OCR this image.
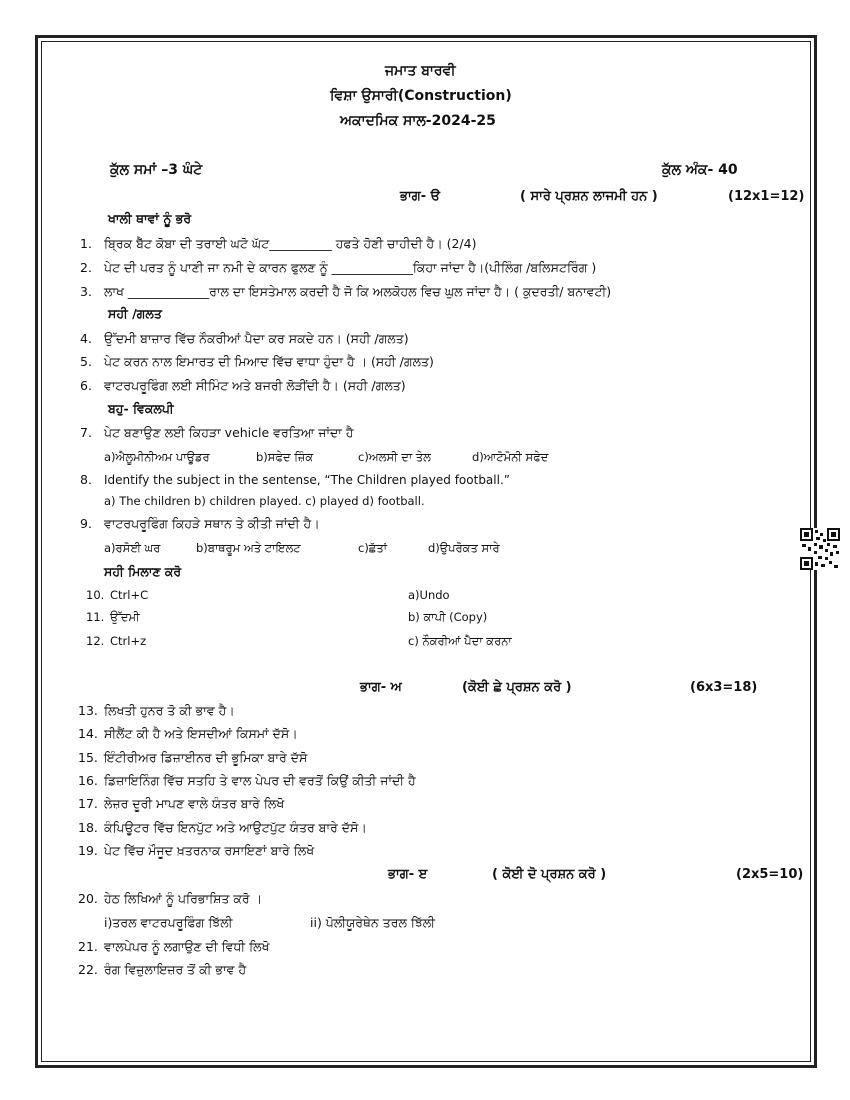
ਜਮਾਤ ਬਾਰਵੀ
ਵਿਸ਼ਾ ਉਸਾਰੀ(Construction)
ਅਕਾਦਮਿਕ ਸਾਲ-2024-25
ਕੁੱਲ ਸਮਾਂ –3 ਘੰਟੇ	ਕੁੱਲ ਅੰਕ- 40
ਭਾਗ- ੳ	( ਸਾਰੇ ਪ੍ਰਸ਼ਨ ਲਾਜਮੀ ਹਨ )	(12x1=12)
ਖਾਲੀ ਥਾਵਾਂ ਨੂੰ ਭਰੋ
1. ਬ੍ਰਿਕ ਬੈੱਟ ਕੋਬਾ ਦੀ ਤਰਾਈ ਘਟੋ ਘੱਟ__________ ਹਫਤੇ ਹੋਣੀ ਚਾਹੀਦੀ ਹੈ। (2/4)
2. ਪੇਟ ਦੀ ਪਰਤ ਨੂੰ ਪਾਣੀ ਜਾ ਨਮੀ ਦੇ ਕਾਰਨ ਫੁਲਣ ਨੂੰ _____________ਕਿਹਾ ਜਾਂਦਾ ਹੈ।(ਪੀਲਿੰਗ /ਬਲਿਸਟਰਿੰਗ )
3. ਲਾਖ _____________ਰਾਲ ਦਾ ਇਸਤੇਮਾਲ ਕਰਦੀ ਹੈ ਜੋ ਕਿ ਅਲਕੋਹਲ ਵਿਚ ਘੁਲ ਜਾਂਦਾ ਹੈ। ( ਕੁਦਰਤੀ/ ਬਨਾਵਟੀ)
ਸਹੀ /ਗਲਤ
4. ਉੱਦਮੀ ਬਾਜ਼ਾਰ ਵਿੱਚ ਨੌਕਰੀਆਂ ਪੈਦਾ ਕਰ ਸਕਦੇ ਹਨ। (ਸਹੀ /ਗਲਤ)
5. ਪੇਟ ਕਰਨ ਨਾਲ ਇਮਾਰਤ ਦੀ ਮਿਆਦ ਵਿੱਚ ਵਾਧਾ ਹੁੰਦਾ ਹੈ । (ਸਹੀ /ਗਲਤ)
6. ਵਾਟਰਪਰੂਫਿੰਗ ਲਈ ਸੀਮਿੰਟ ਅਤੇ ਬਜਰੀ ਲੋੜੀਂਦੀ ਹੈ। (ਸਹੀ /ਗਲਤ)
ਬਹੁ- ਵਿਕਲਪੀ
7. ਪੇਟ ਬਣਾਉਣ ਲਈ ਕਿਹੜਾ vehicle ਵਰਤਿਆ ਜਾਂਦਾ ਹੈ
a)ਐਲੂਮੀਨੀਅਮ ਪਾਊਡਰ	b)ਸਫੇਦ ਜ਼ਿੰਕ	c)ਅਲਸੀ ਦਾ ਤੇਲ	d)ਆਟੋਮੋਨੀ ਸਫੇਦ
8. Identify the subject in the sentense, “The Children played football.”
a) The children b) children played. c) played d) football.
9. ਵਾਟਰਪਰੂਫਿੰਗ ਕਿਹੜੇ ਸਥਾਨ ਤੇ ਕੀਤੀ ਜਾਂਦੀ ਹੈ।
a)ਰਸੋਈ ਘਰ	b)ਬਾਥਰੂਮ ਅਤੇ ਟਾਇਲਟ	c)ਛੱਤਾਂ	d)ਉਪਰੋਕਤ ਸਾਰੇ
ਸਹੀ ਮਿਲਾਣ ਕਰੋ
10. Ctrl+C	a)Undo
11. ਉੱਦਮੀ	b) ਕਾਪੀ (Copy)
12. Ctrl+z	c) ਨੌਕਰੀਆਂ ਪੈਦਾ ਕਰਨਾ
ਭਾਗ- ਅ	(ਕੋਈ ਛੇ ਪ੍ਰਸ਼ਨ ਕਰੋ )	(6x3=18)
13. ਲਿਖਤੀ ਹੁਨਰ ਤੋ ਕੀ ਭਾਵ ਹੈ।
14. ਸੀਲੈਂਟ ਕੀ ਹੈ ਅਤੇ ਇਸਦੀਆਂ ਕਿਸਮਾਂ ਦੱਸੋ।
15. ਇੰਟੀਰੀਅਰ ਡਿਜ਼ਾਈਨਰ ਦੀ ਭੂਮਿਕਾ ਬਾਰੇ ਦੱਸੋ
16. ਡਿਜ਼ਾਇਨਿੰਗ ਵਿੱਚ ਸਤਹਿ ਤੇ ਵਾਲ ਪੇਪਰ ਦੀ ਵਰਤੋਂ ਕਿਉਂ ਕੀਤੀ ਜਾਂਦੀ ਹੈ
17. ਲੇਜ਼ਰ ਦੂਰੀ ਮਾਪਣ ਵਾਲੇ ਯੰਤਰ ਬਾਰੇ ਲਿਖੋ
18. ਕੰਪਿਊਟਰ ਵਿੱਚ ਇਨਪੁੱਟ ਅਤੇ ਆਉਟਪੁੱਟ ਯੰਤਰ ਬਾਰੇ ਦੱਸੋ।
19. ਪੇਟ ਵਿੱਚ ਮੌਜੂਦ ਖ਼ਤਰਨਾਕ ਰਸਾਇਣਾਂ ਬਾਰੇ ਲਿਖੋ
ਭਾਗ- ੲ	( ਕੋਈ ਦੋ ਪ੍ਰਸ਼ਨ ਕਰੋ )	(2x5=10)
20. ਹੇਠ ਲਿਖਿਆਂ ਨੂੰ ਪਰਿਭਾਸ਼ਿਤ ਕਰੋ ।
i)ਤਰਲ ਵਾਟਰਪਰੂਫਿੰਗ ਝਿੱਲੀ	ii) ਪੋਲੀਯੂਰੇਥੇਨ ਤਰਲ ਝਿੱਲੀ
21. ਵਾਲਪੇਪਰ ਨੂੰ ਲਗਾਉਣ ਦੀ ਵਿਧੀ ਲਿਖੋ
22. ਰੰਗ ਵਿਜ਼ੁਲਾਇਜ਼ਰ ਤੋਂ ਕੀ ਭਾਵ ਹੈ
